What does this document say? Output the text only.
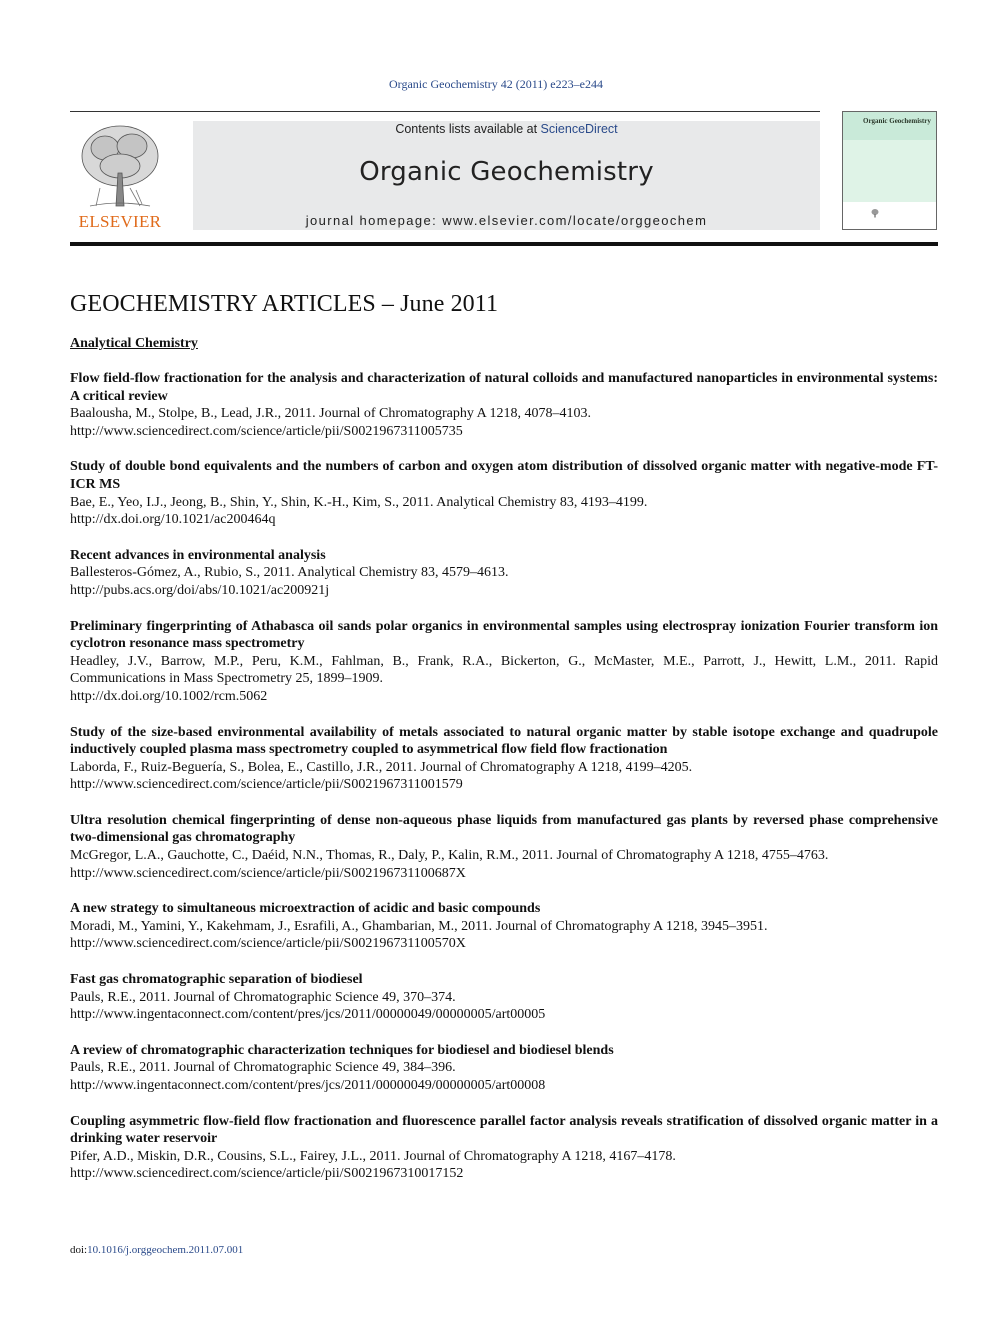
Organic Geochemistry 42 (2011) e223–e244
ELSEVIER
Contents lists available at ScienceDirect
Organic Geochemistry
journal homepage: www.elsevier.com/locate/orggeochem
Organic Geochemistry
GEOCHEMISTRY ARTICLES – June 2011
Analytical Chemistry
Flow field-flow fractionation for the analysis and characterization of natural colloids and manufactured nanoparticles in environmental systems: A critical review
Baalousha, M., Stolpe, B., Lead, J.R., 2011. Journal of Chromatography A 1218, 4078–4103.
http://www.sciencedirect.com/science/article/pii/S0021967311005735
Study of double bond equivalents and the numbers of carbon and oxygen atom distribution of dissolved organic matter with negative-mode FT-ICR MS
Bae, E., Yeo, I.J., Jeong, B., Shin, Y., Shin, K.-H., Kim, S., 2011. Analytical Chemistry 83, 4193–4199.
http://dx.doi.org/10.1021/ac200464q
Recent advances in environmental analysis
Ballesteros-Gómez, A., Rubio, S., 2011. Analytical Chemistry 83, 4579–4613.
http://pubs.acs.org/doi/abs/10.1021/ac200921j
Preliminary fingerprinting of Athabasca oil sands polar organics in environmental samples using electrospray ionization Fourier transform ion cyclotron resonance mass spectrometry
Headley, J.V., Barrow, M.P., Peru, K.M., Fahlman, B., Frank, R.A., Bickerton, G., McMaster, M.E., Parrott, J., Hewitt, L.M., 2011. Rapid Communications in Mass Spectrometry 25, 1899–1909.
http://dx.doi.org/10.1002/rcm.5062
Study of the size-based environmental availability of metals associated to natural organic matter by stable isotope exchange and quadrupole inductively coupled plasma mass spectrometry coupled to asymmetrical flow field flow fractionation
Laborda, F., Ruiz-Beguería, S., Bolea, E., Castillo, J.R., 2011. Journal of Chromatography A 1218, 4199–4205.
http://www.sciencedirect.com/science/article/pii/S0021967311001579
Ultra resolution chemical fingerprinting of dense non-aqueous phase liquids from manufactured gas plants by reversed phase comprehensive two-dimensional gas chromatography
McGregor, L.A., Gauchotte, C., Daéid, N.N., Thomas, R., Daly, P., Kalin, R.M., 2011. Journal of Chromatography A 1218, 4755–4763.
http://www.sciencedirect.com/science/article/pii/S002196731100687X
A new strategy to simultaneous microextraction of acidic and basic compounds
Moradi, M., Yamini, Y., Kakehmam, J., Esrafili, A., Ghambarian, M., 2011. Journal of Chromatography A 1218, 3945–3951.
http://www.sciencedirect.com/science/article/pii/S002196731100570X
Fast gas chromatographic separation of biodiesel
Pauls, R.E., 2011. Journal of Chromatographic Science 49, 370–374.
http://www.ingentaconnect.com/content/pres/jcs/2011/00000049/00000005/art00005
A review of chromatographic characterization techniques for biodiesel and biodiesel blends
Pauls, R.E., 2011. Journal of Chromatographic Science 49, 384–396.
http://www.ingentaconnect.com/content/pres/jcs/2011/00000049/00000005/art00008
Coupling asymmetric flow-field flow fractionation and fluorescence parallel factor analysis reveals stratification of dissolved organic matter in a drinking water reservoir
Pifer, A.D., Miskin, D.R., Cousins, S.L., Fairey, J.L., 2011. Journal of Chromatography A 1218, 4167–4178.
http://www.sciencedirect.com/science/article/pii/S0021967310017152
doi:10.1016/j.orggeochem.2011.07.001
